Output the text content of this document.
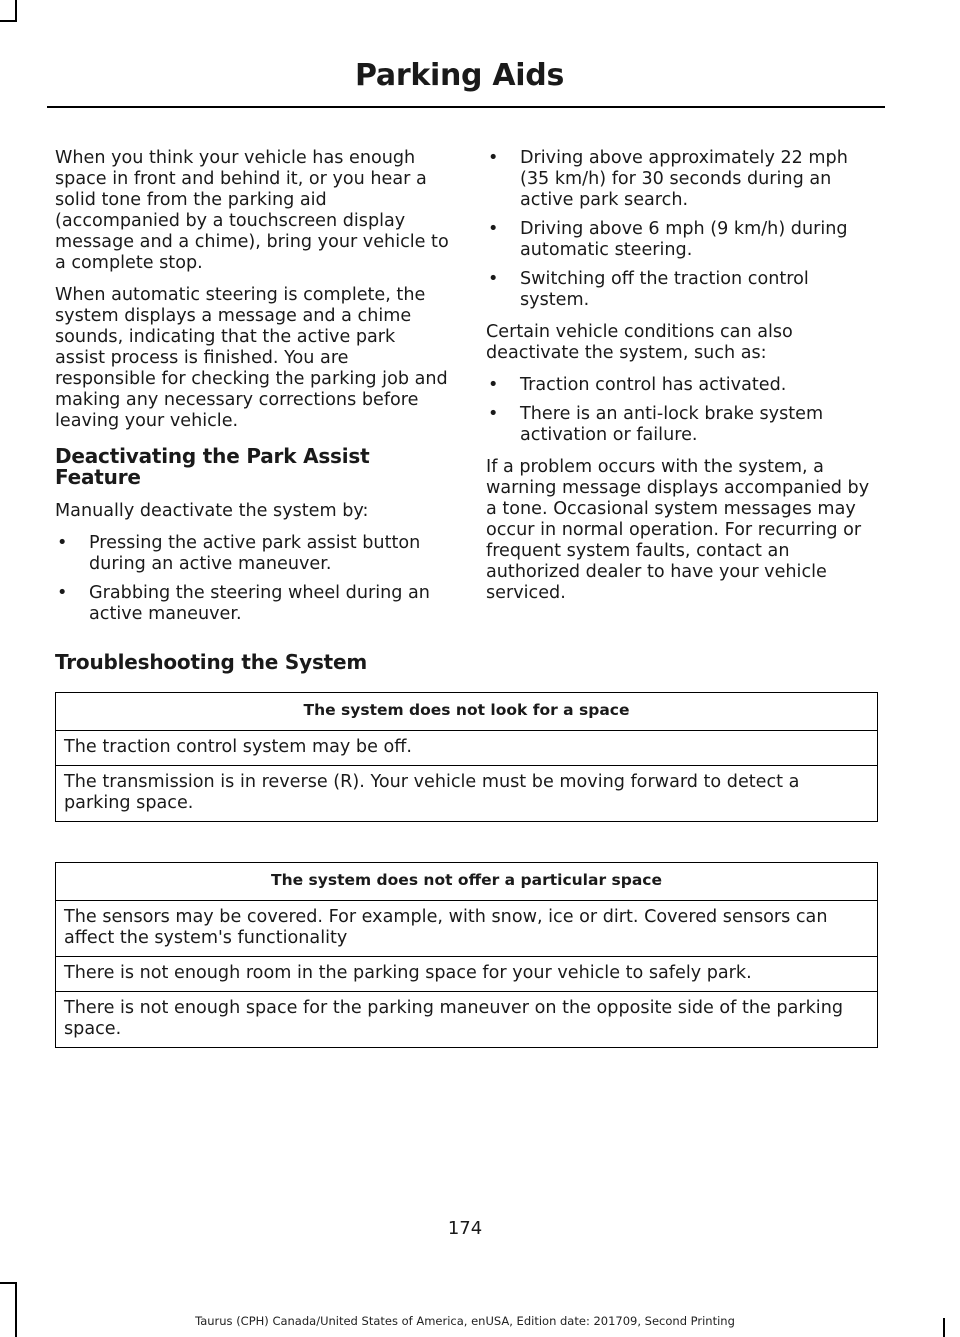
Parking Aids

When you think your vehicle has enough space in front and behind it, or you hear a solid tone from the parking aid (accompanied by a touchscreen display message and a chime), bring your vehicle to a complete stop.

When automatic steering is complete, the system displays a message and a chime sounds, indicating that the active park assist process is finished. You are responsible for checking the parking job and making any necessary corrections before leaving your vehicle.

Deactivating the Park Assist Feature

Manually deactivate the system by:

• Pressing the active park assist button during an active maneuver.
• Grabbing the steering wheel during an active maneuver.
• Driving above approximately 22 mph (35 km/h) for 30 seconds during an active park search.
• Driving above 6 mph (9 km/h) during automatic steering.
• Switching off the traction control system.

Certain vehicle conditions can also deactivate the system, such as:

• Traction control has activated.
• There is an anti-lock brake system activation or failure.

If a problem occurs with the system, a warning message displays accompanied by a tone. Occasional system messages may occur in normal operation. For recurring or frequent system faults, contact an authorized dealer to have your vehicle serviced.

Troubleshooting the System
The system does not look for a space
The traction control system may be off.
The transmission is in reverse (R). Your vehicle must be moving forward to detect a parking space.
The system does not offer a particular space
The sensors may be covered. For example, with snow, ice or dirt. Covered sensors can affect the system's functionality
There is not enough room in the parking space for your vehicle to safely park.
There is not enough space for the parking maneuver on the opposite side of the parking space.
174
Taurus (CPH) Canada/United States of America, enUSA, Edition date: 201709, Second Printing
